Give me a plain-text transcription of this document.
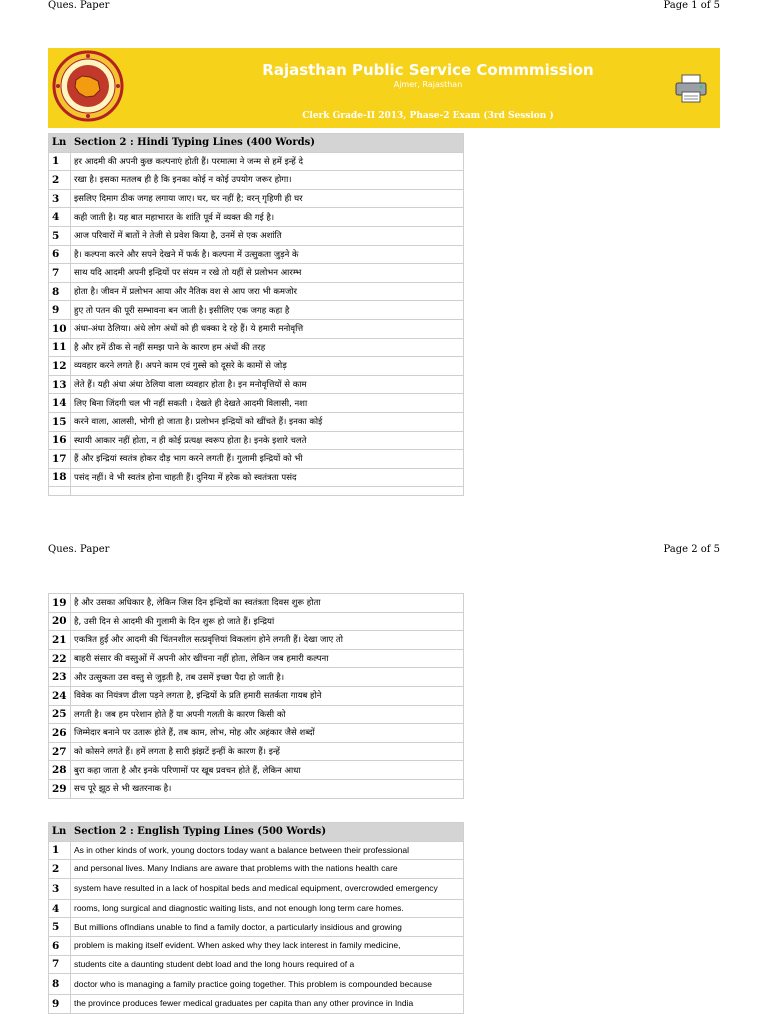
Ques. Paper	Page 1 of 5
Rajasthan Public Service Commmission
Ajmer, Rajasthan
Clerk Grade-II 2013, Phase-2 Exam (3rd Session )
Ln	Section 2 : Hindi Typing Lines (400 Words)
1	हर आदमी की अपनी कुछ कल्पनाएं होती हैं। परमात्मा ने जन्म से हमें इन्हें दे
2	रखा है। इसका मतलब ही है कि इनका कोई न कोई उपयोग जरूर होगा।
3	इसलिए दिमाग ठीक जगह लगाया जाए। घर, घर नहीं है; वरन् गृहिणी ही घर
4	कही जाती है। यह बात महाभारत के शांति पूर्व में व्यक्त की गई है।
5	आज परिवारों में बातों ने तेजी से प्रवेश किया है, उनमें से एक अशांति
6	है। कल्पना करने और सपने देखने में फर्क है। कल्पना में उत्सुकता जुड़ने के
7	साथ यदि आदमी अपनी इन्द्रियों पर संयम न रखे तो यहीं से प्रलोभन आरम्भ
8	होता है। जीवन में प्रलोभन आया और नैतिक वश से आप जरा भी कमजोर
9	हुए तो पतन की पूरी सम्भावना बन जाती है। इसीलिए एक जगह कहा है
10	अंधा-अंधा ठेलिया। अंधे लोग अंधों को ही धक्का दे रहे हैं। ये हमारी मनोवृत्ति
11	है और हमें ठीक से नहीं समझ पाने के कारण हम अंधों की तरह
12	व्यवहार करने लगते हैं। अपने काम एवं गुस्से को दूसरे के कामों से जोड़
13	लेते हैं। यही अंधा अंधा ठेलिया वाला व्यवहार होता है। इन मनोवृत्तियों से काम
14	लिए बिना जिंदगी चल भी नहीं सकती । देखते ही देखते आदमी विलासी, नशा
15	करने वाला, आलसी, भोगी हो जाता है। प्रलोभन इन्द्रियों को खींचते हैं। इनका कोई
16	स्थायी आकार नहीं होता, न ही कोई प्रत्यक्ष स्वरूप होता है। इनके इशारे चलते
17	हैं और इन्द्रियां स्वतंत्र होकर दौड़ भाग करने लगती हैं। गुलामी इन्द्रियों को भी
18	पसंद नहीं। वे भी स्वतंत्र होना चाहती हैं। दुनिया में हरेक को स्वतंत्रता पसंद

Ques. Paper	Page 2 of 5
19	है और उसका अधिकार है, लेकिन जिस दिन इन्द्रियों का स्वतंत्रता दिवस शुरू होता
20	है, उसी दिन से आदमी की गुलामी के दिन शुरू हो जाते हैं। इन्द्रियां
21	एकत्रित हुईं और आदमी की चिंतनशील सत्प्रवृत्तियां विकलांग होने लगती हैं। देखा जाए तो
22	बाहरी संसार की वस्तुओं में अपनी ओर खींचना नहीं होता, लेकिन जब हमारी कल्पना
23	और उत्सुकता उस वस्तु से जुड़ती है, तब उसमें इच्छा पैदा हो जाती है।
24	विवेक का नियंत्रण ढीला पड़ने लगता है, इन्द्रियों के प्रति हमारी सतर्कता गायब होने
25	लगती है। जब हम परेशान होते हैं या अपनी गलती के कारण किसी को
26	जिम्मेदार बनाने पर उतारू होते हैं, तब काम, लोभ, मोह और अहंकार जैसे शब्दों
27	को कोसने लगते हैं। हमें लगता है सारी झंझटें इन्हीं के कारण हैं। इन्हें
28	बुरा कहा जाता है और इनके परिणामों पर खूब प्रवचन होते हैं, लेकिन आधा
29	सच पूरे झूठ से भी खतरनाक है।
Ln	Section 2 : English Typing Lines (500 Words)
1	As in other kinds of work, young doctors today want a balance between their professional
2	and personal lives. Many Indians are aware that problems with the nations health care
3	system have resulted in a lack of hospital beds and medical equipment, overcrowded emergency
4	rooms, long surgical and diagnostic waiting lists, and not enough long term care homes.
5	But millions ofIndians unable to find a family doctor, a particularly insidious and growing
6	problem is making itself evident. When asked why they lack interest in family medicine,
7	students cite a daunting student debt load and the long hours required of a
8	doctor who is managing a family practice going together. This problem is compounded because
9	the province produces fewer medical graduates per capita than any other province in India
